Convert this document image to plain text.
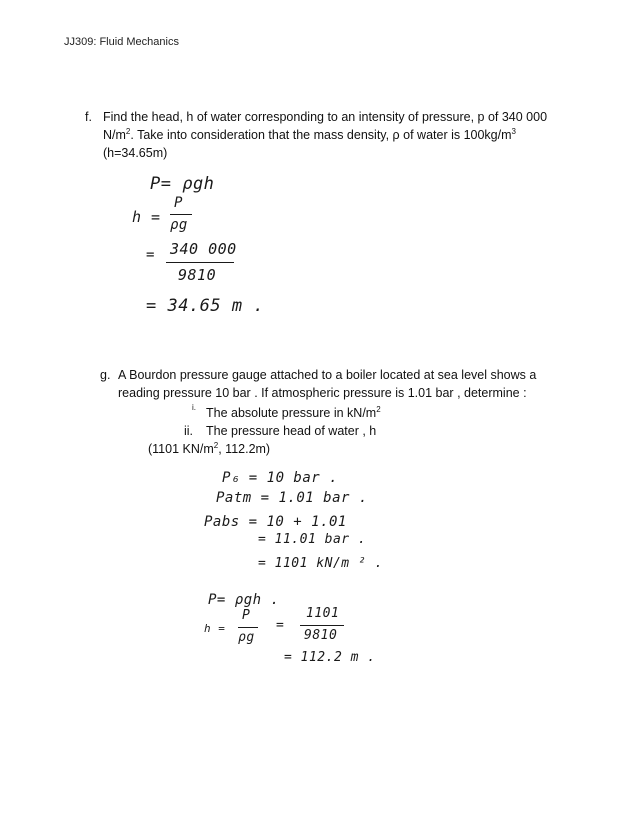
JJ309: Fluid Mechanics
f. Find the head, h of water corresponding to an intensity of pressure, p of 340 000
$N/m^2$. Take into consideration that the mass density, ρ of water is $100kg/m^3$
(h=34.65m)

P= ρgh

h =

P

ρg

= 340 000

9810

= 34.65 m .

g. A Bourdon pressure gauge attached to a boiler located at sea level shows a
reading pressure 10 bar . If atmospheric pressure is 1.01 bar , determine :
i. The absolute pressure in $kN/m^2$
ii. The pressure head of water , h
(1101 $KN/m^2$, 112.2m)

P₆ = 10 bar .

Patm = 1.01 bar .

Pabs = 10 + 1.01

= 11.01 bar .

= 1101 kN/m ² .

P= ρgh .

h =

P

ρg

=

1101

9810

= 112.2 m .
